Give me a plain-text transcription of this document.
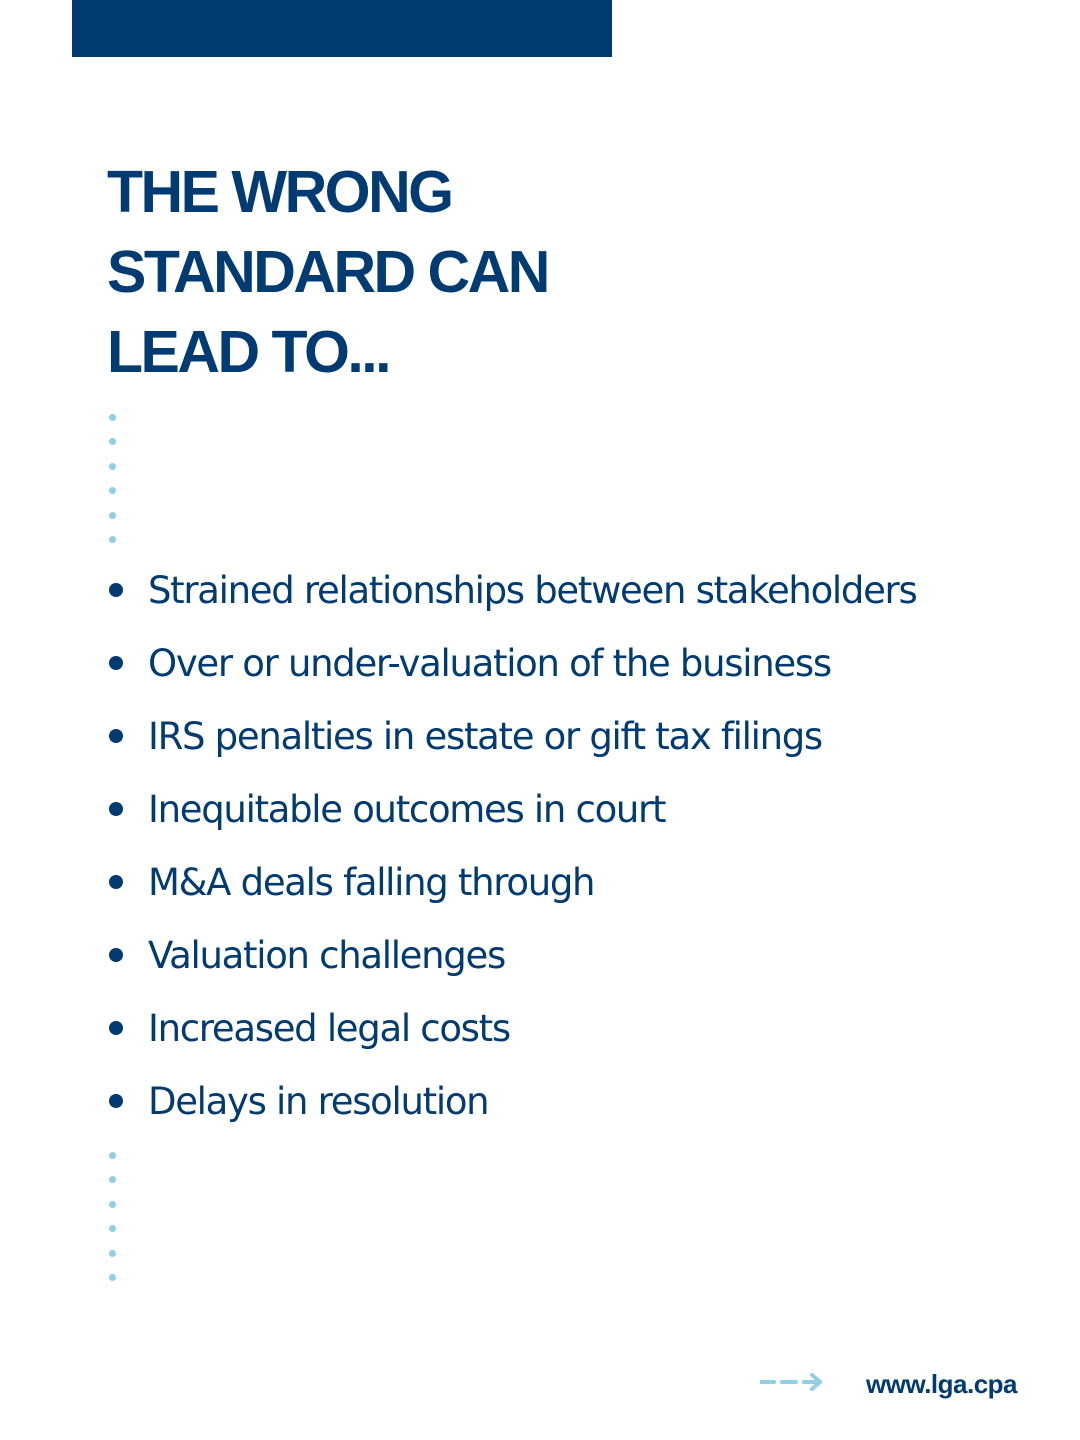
THE WRONG
STANDARD CAN
LEAD TO...
Strained relationships between stakeholders
Over or under-valuation of the business
IRS penalties in estate or gift tax filings
Inequitable outcomes in court
M&A deals falling through
Valuation challenges
Increased legal costs
Delays in resolution
www.lga.cpa
